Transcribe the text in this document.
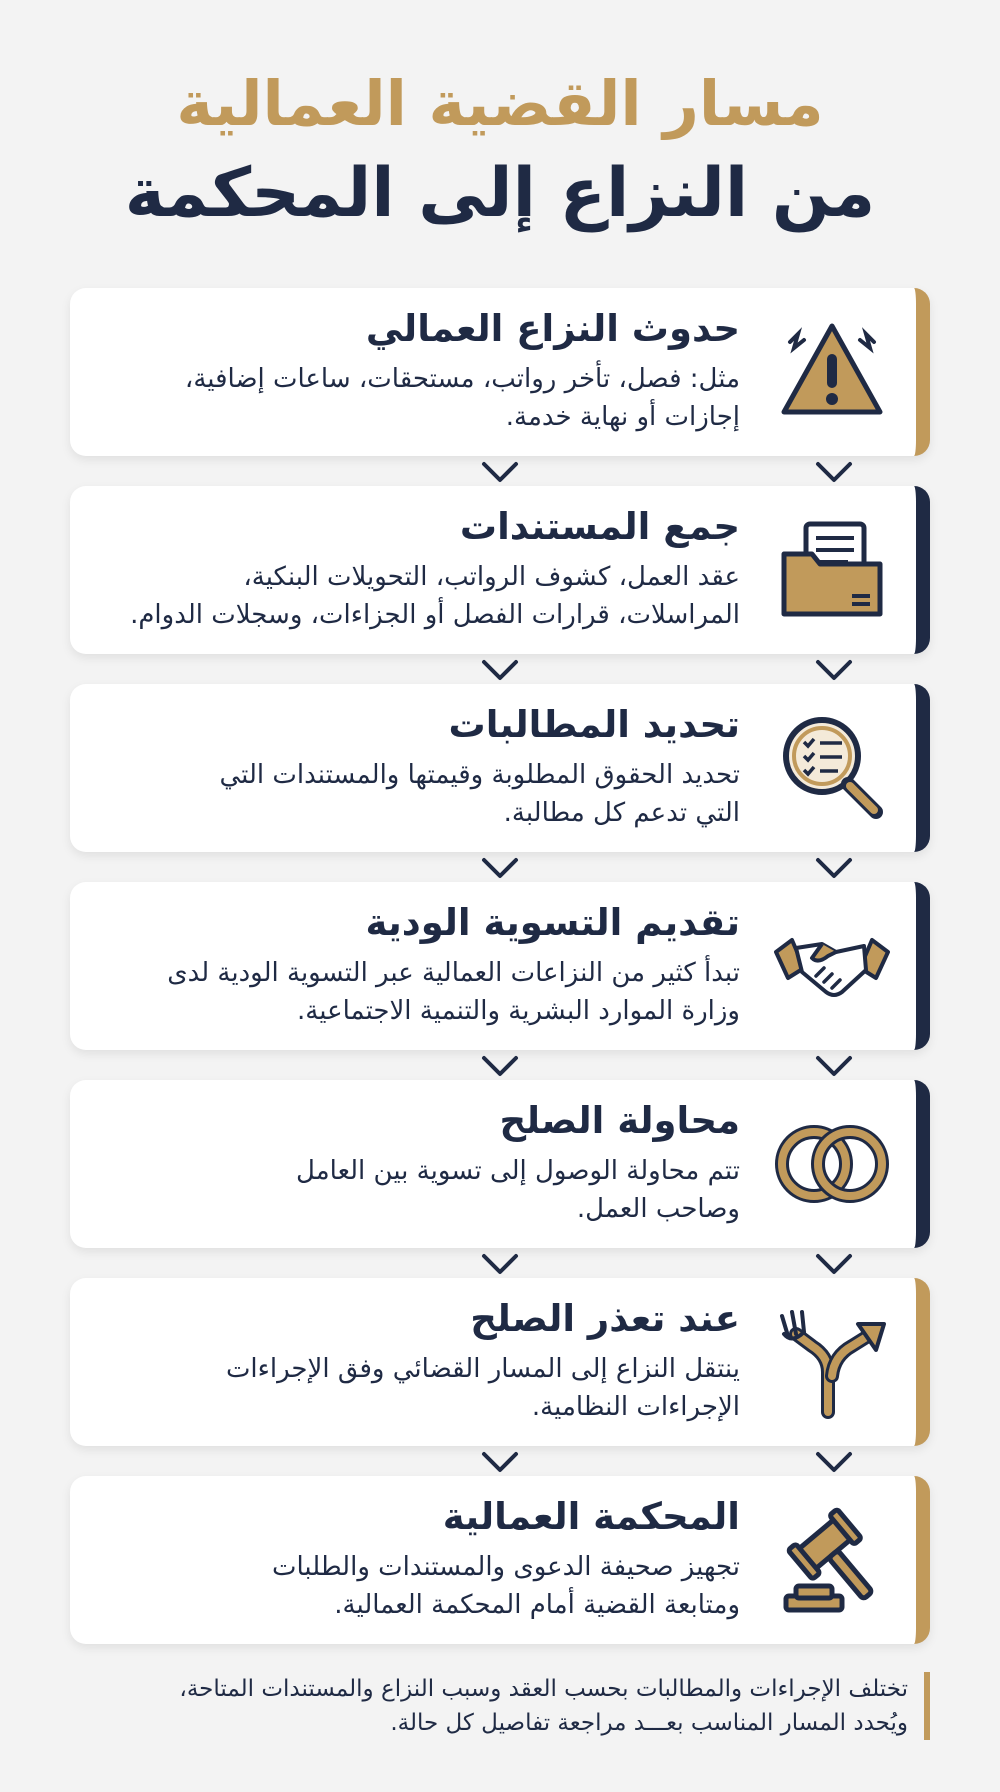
مسار القضية العمالية
من النزاع إلى المحكمة
حدوث النزاع العمالي
مثل: فصل، تأخر رواتب، مستحقات، ساعات إضافية،
إجازات أو نهاية خدمة.
جمع المستندات
عقد العمل، كشوف الرواتب، التحويلات البنكية،
المراسلات، قرارات الفصل أو الجزاءات، وسجلات الدوام.
تحديد المطالبات
تحديد الحقوق المطلوبة وقيمتها والمستندات التي
التي تدعم كل مطالبة.
تقديم التسوية الودية
تبدأ كثير من النزاعات العمالية عبر التسوية الودية لدى
وزارة الموارد البشرية والتنمية الاجتماعية.
محاولة الصلح
تتم محاولة الوصول إلى تسوية بين العامل
وصاحب العمل.
عند تعذر الصلح
ينتقل النزاع إلى المسار القضائي وفق الإجراءات
الإجراءات النظامية.
المحكمة العمالية
تجهيز صحيفة الدعوى والمستندات والطلبات
ومتابعة القضية أمام المحكمة العمالية.
تختلف الإجراءات والمطالبات بحسب العقد وسبب النزاع والمستندات المتاحة،
ويُحدد المسار المناسب بعـــد مراجعة تفاصيل كل حالة.
